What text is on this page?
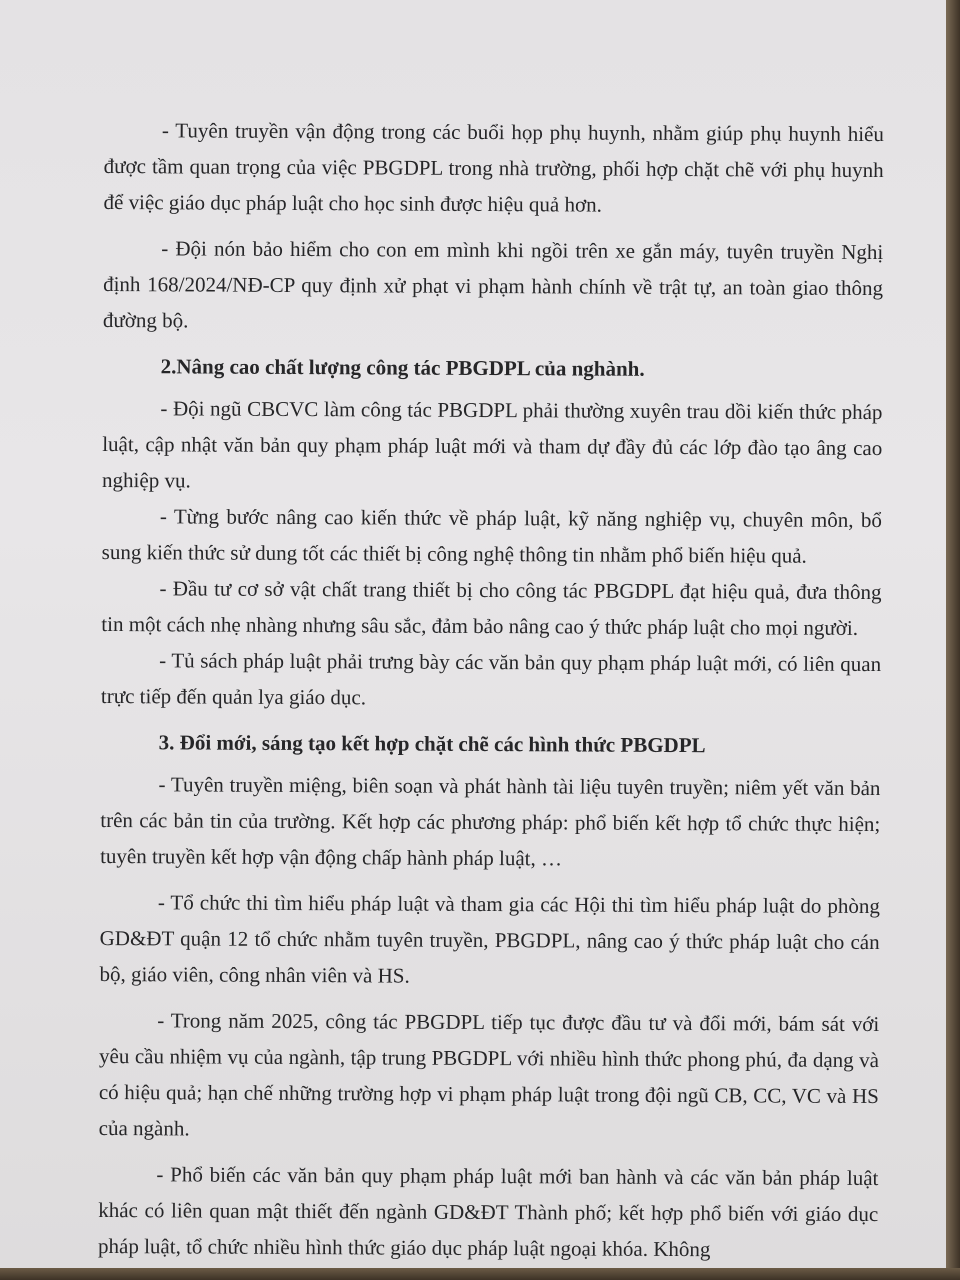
- Tuyên truyền vận động trong các buổi họp phụ huynh, nhằm giúp phụ huynh hiểu được tầm quan trọng của việc PBGDPL trong nhà trường, phối hợp chặt chẽ với phụ huynh để việc giáo dục pháp luật cho học sinh được hiệu quả hơn.

- Đội nón bảo hiểm cho con em mình khi ngồi trên xe gắn máy, tuyên truyền Nghị định 168/2024/NĐ-CP quy định xử phạt vi phạm hành chính về trật tự, an toàn giao thông đường bộ.

2.Nâng cao chất lượng công tác PBGDPL của nghành.

- Đội ngũ CBCVC làm công tác PBGDPL phải thường xuyên trau dồi kiến thức pháp luật, cập nhật văn bản quy phạm pháp luật mới và tham dự đầy đủ các lớp đào tạo âng cao nghiệp vụ.

- Từng bước nâng cao kiến thức về pháp luật, kỹ năng nghiệp vụ, chuyên môn, bổ sung kiến thức sử dung tốt các thiết bị công nghệ thông tin nhằm phổ biến hiệu quả.

- Đầu tư cơ sở vật chất trang thiết bị cho công tác PBGDPL đạt hiệu quả, đưa thông tin một cách nhẹ nhàng nhưng sâu sắc, đảm bảo nâng cao ý thức pháp luật cho mọi người.

- Tủ sách pháp luật phải trưng bày các văn bản quy phạm pháp luật mới, có liên quan trực tiếp đến quản lya giáo dục.

3. Đổi mới, sáng tạo kết hợp chặt chẽ các hình thức PBGDPL

- Tuyên truyền miệng, biên soạn và phát hành tài liệu tuyên truyền; niêm yết văn bản trên các bản tin của trường. Kết hợp các phương pháp: phổ biến kết hợp tổ chức thực hiện; tuyên truyền kết hợp vận động chấp hành pháp luật, …

- Tổ chức thi tìm hiểu pháp luật và tham gia các Hội thi tìm hiểu pháp luật do phòng GD&ĐT quận 12 tổ chức nhằm tuyên truyền, PBGDPL, nâng cao ý thức pháp luật cho cán bộ, giáo viên, công nhân viên và HS.

- Trong năm 2025, công tác PBGDPL tiếp tục được đầu tư và đổi mới, bám sát với yêu cầu nhiệm vụ của ngành, tập trung PBGDPL với nhiều hình thức phong phú, đa dạng và có hiệu quả; hạn chế những trường hợp vi phạm pháp luật trong đội ngũ CB, CC, VC và HS của ngành.

- Phổ biến các văn bản quy phạm pháp luật mới ban hành và các văn bản pháp luật khác có liên quan mật thiết đến ngành GD&ĐT Thành phố; kết hợp phổ biến với giáo dục pháp luật, tổ chức nhiều hình thức giáo dục pháp luật ngoại khóa. Không
